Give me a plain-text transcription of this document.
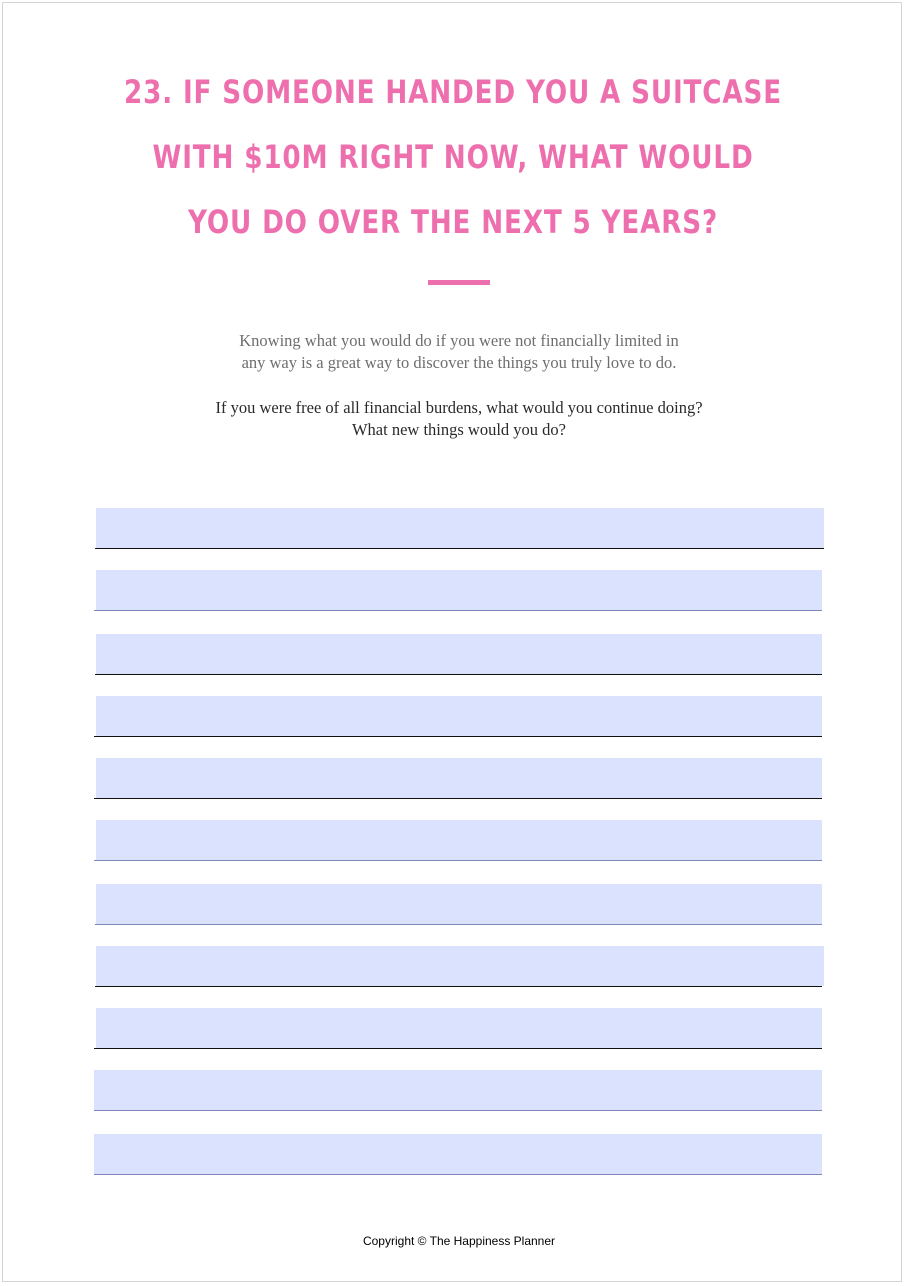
23. IF SOMEONE HANDED YOU A SUITCASE
WITH $10M RIGHT NOW, WHAT WOULD
YOU DO OVER THE NEXT 5 YEARS?

Knowing what you would do if you were not financially limited in
any way is a great way to discover the things you truly love to do.

If you were free of all financial burdens, what would you continue doing?
What new things would you do?

Copyright © The Happiness Planner
